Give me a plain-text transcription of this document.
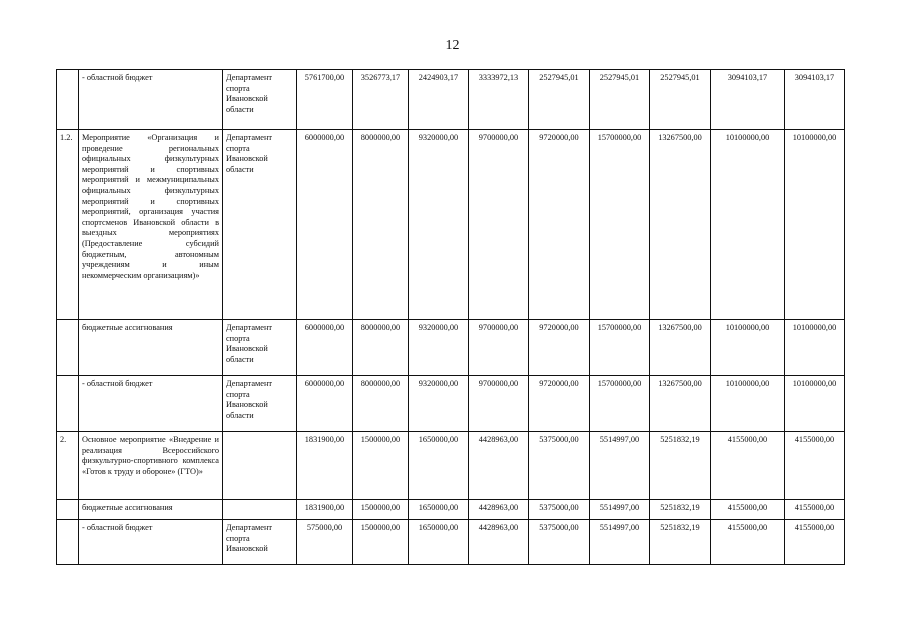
12
	- областной бюджет	Департамент спорта Ивановской области	5761700,00	3526773,17	2424903,17	3333972,13	2527945,01	2527945,01	2527945,01	3094103,17	3094103,17
1.2.	Мероприятие «Организация и проведение региональных официальных физкультурных мероприятий и спортивных мероприятий и межмуниципальных официальных физкультурных мероприятий и спортивных мероприятий, организация участия спортсменов Ивановской области в выездных мероприятиях (Предоставление субсидий бюджетным, автономным учреждениям и иным некоммерческим организациям)»	Департамент спорта Ивановской области	6000000,00	8000000,00	9320000,00	9700000,00	9720000,00	15700000,00	13267500,00	10100000,00	10100000,00
	бюджетные ассигнования	Департамент спорта Ивановской области	6000000,00	8000000,00	9320000,00	9700000,00	9720000,00	15700000,00	13267500,00	10100000,00	10100000,00
	- областной бюджет	Департамент спорта Ивановской области	6000000,00	8000000,00	9320000,00	9700000,00	9720000,00	15700000,00	13267500,00	10100000,00	10100000,00
2.	Основное мероприятие «Внедрение и реализация Всероссийского физкультурно-спортивного комплекса «Готов к труду и обороне» (ГТО)»		1831900,00	1500000,00	1650000,00	4428963,00	5375000,00	5514997,00	5251832,19	4155000,00	4155000,00
	бюджетные ассигнования		1831900,00	1500000,00	1650000,00	4428963,00	5375000,00	5514997,00	5251832,19	4155000,00	4155000,00
	- областной бюджет	Департамент спорта Ивановской	575000,00	1500000,00	1650000,00	4428963,00	5375000,00	5514997,00	5251832,19	4155000,00	4155000,00
